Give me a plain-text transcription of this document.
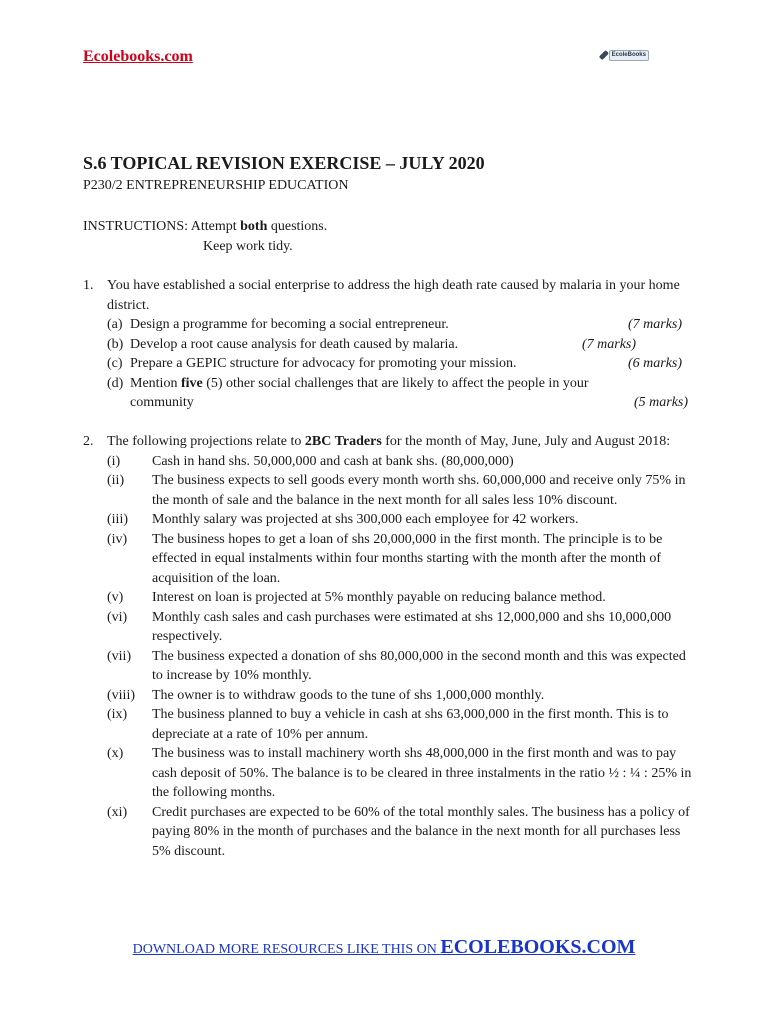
Ecolebooks.com	EcoleBooks
S.6 TOPICAL REVISION EXERCISE – JULY 2020
P230/2 ENTREPRENEURSHIP EDUCATION
INSTRUCTIONS: Attempt both questions.
Keep work tidy.
1. You have established a social enterprise to address the high death rate caused by malaria in your home district.
(a) Design a programme for becoming a social entrepreneur.	(7 marks)
(b) Develop a root cause analysis for death caused by malaria.	(7 marks)
(c) Prepare a GEPIC structure for advocacy for promoting your mission.	(6 marks)
(d) Mention five (5) other social challenges that are likely to affect the people in your
community	(5 marks)
2. The following projections relate to 2BC Traders for the month of May, June, July and August 2018:
(i)	Cash in hand shs. 50,000,000 and cash at bank shs. (80,000,000)
(ii)	The business expects to sell goods every month worth shs. 60,000,000 and receive only 75% in the month of sale and the balance in the next month for all sales less 10% discount.
(iii)	Monthly salary was projected at shs 300,000 each employee for 42 workers.
(iv)	The business hopes to get a loan of shs 20,000,000 in the first month. The principle is to be effected in equal instalments within four months starting with the month after the month of acquisition of the loan.
(v)	Interest on loan is projected at 5% monthly payable on reducing balance method.
(vi)	Monthly cash sales and cash purchases were estimated at shs 12,000,000 and shs 10,000,000 respectively.
(vii)	The business expected a donation of shs 80,000,000 in the second month and this was expected to increase by 10% monthly.
(viii)	The owner is to withdraw goods to the tune of shs 1,000,000 monthly.
(ix)	The business planned to buy a vehicle in cash at shs 63,000,000 in the first month. This is to depreciate at a rate of 10% per annum.
(x)	The business was to install machinery worth shs 48,000,000 in the first month and was to pay cash deposit of 50%. The balance is to be cleared in three instalments in the ratio ½ : ¼ : 25% in the following months.
(xi)	Credit purchases are expected to be 60% of the total monthly sales. The business has a policy of paying 80% in the month of purchases and the balance in the next month for all purchases less 5% discount.
DOWNLOAD MORE RESOURCES LIKE THIS ON ECOLEBOOKS.COM
